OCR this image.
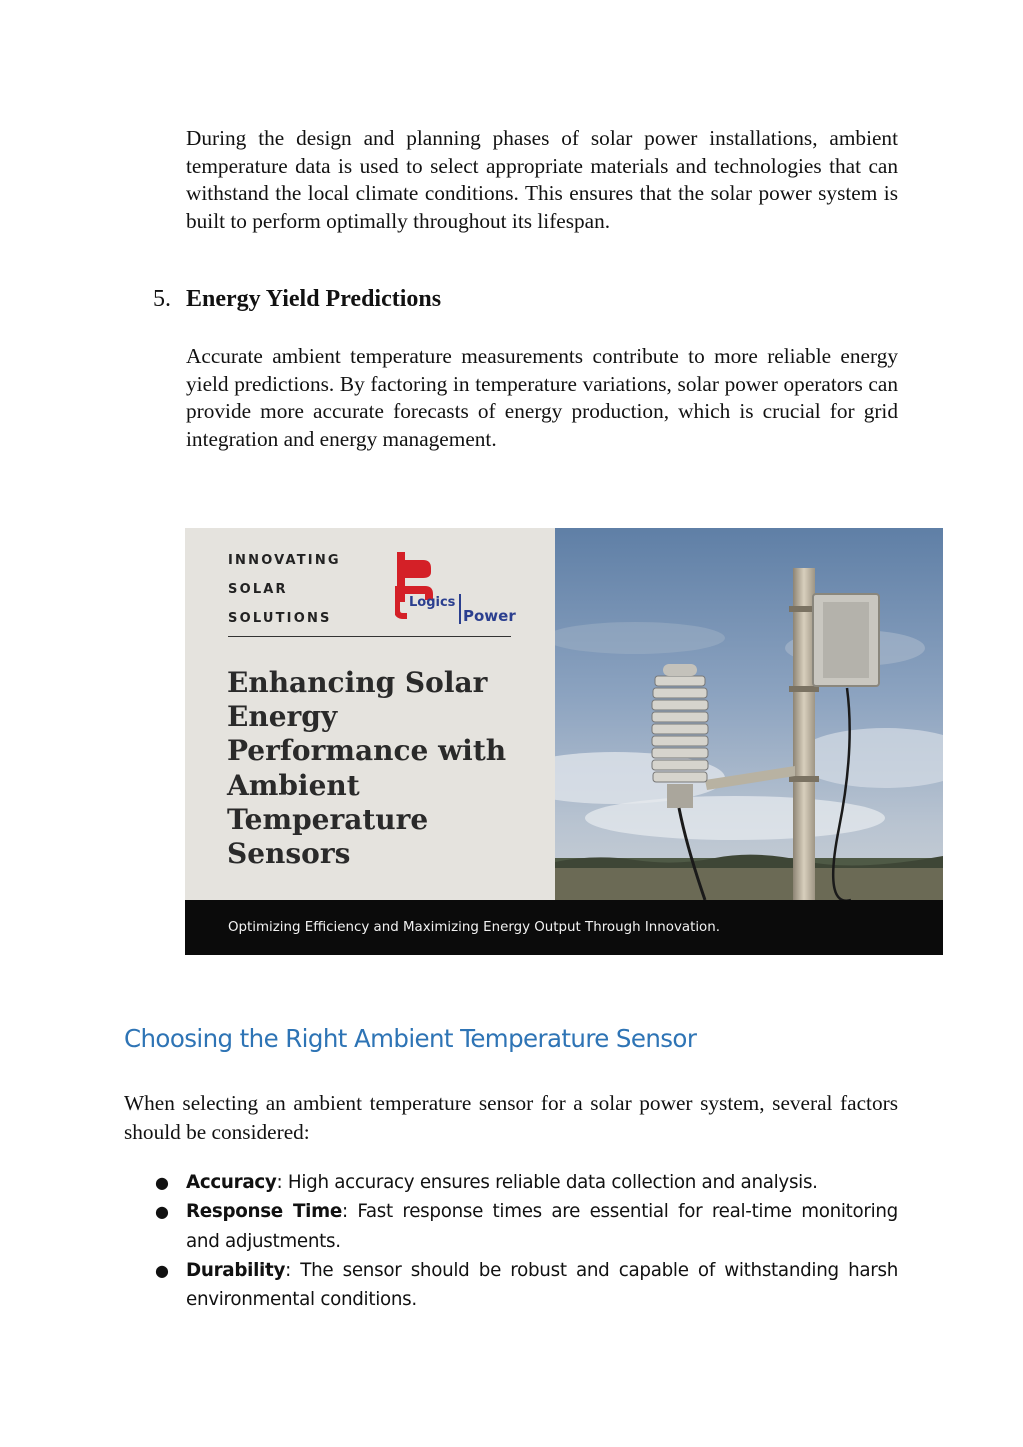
During the design and planning phases of solar power installations, ambient temperature data is used to select appropriate materials and technologies that can withstand the local climate conditions. This ensures that the solar power system is built to perform optimally throughout its lifespan.

5. Energy Yield Predictions

Accurate ambient temperature measurements contribute to more reliable energy yield predictions. By factoring in temperature variations, solar power operators can provide more accurate forecasts of energy production, which is crucial for grid integration and energy management.

INNOVATING
SOLAR
SOLUTIONS
Logics
Power
Enhancing Solar
Energy
Performance with
Ambient
Temperature
Sensors
Optimizing Efficiency and Maximizing Energy Output Through Innovation.
Choosing the Right Ambient Temperature Sensor

When selecting an ambient temperature sensor for a solar power system, several factors should be considered:

● Accuracy: High accuracy ensures reliable data collection and analysis.
● Response Time: Fast response times are essential for real-time monitoring and adjustments.
● Durability: The sensor should be robust and capable of withstanding harsh environmental conditions.
